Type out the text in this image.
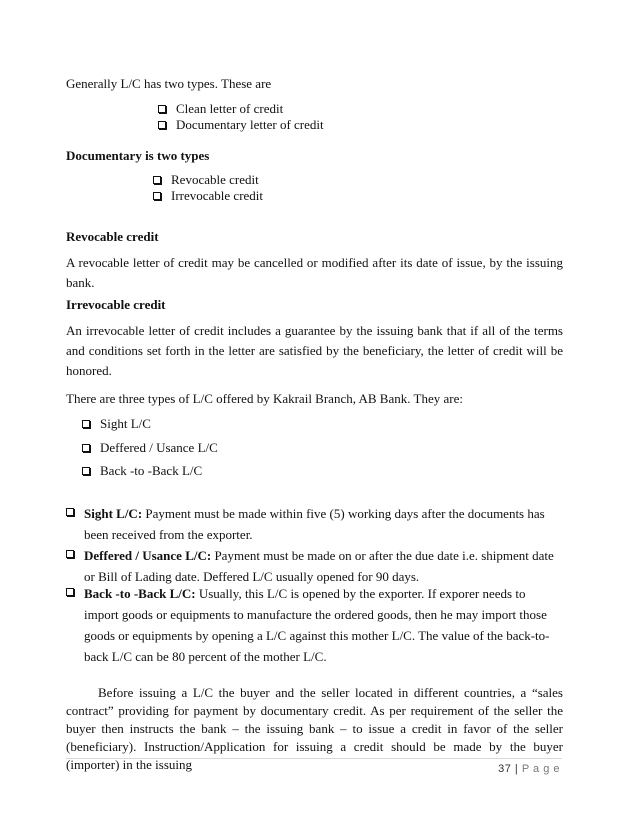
Generally L/C has two types. These are
Clean letter of credit
Documentary letter of credit
Documentary is two types
Revocable credit
Irrevocable credit
Revocable credit
A revocable letter of credit may be cancelled or modified after its date of issue, by the issuing bank.
Irrevocable credit
An irrevocable letter of credit includes a guarantee by the issuing bank that if all of the terms and conditions set forth in the letter are satisfied by the beneficiary, the letter of credit will be honored.
There are three types of L/C offered by Kakrail Branch, AB Bank. They are:
Sight L/C
Deffered / Usance L/C
Back -to -Back L/C
Sight L/C: Payment must be made within five (5) working days after the documents has been received from the exporter.
Deffered / Usance L/C: Payment must be made on or after the due date i.e. shipment date or Bill of Lading date. Deffered L/C usually opened for 90 days.
Back -to -Back L/C: Usually, this L/C is opened by the exporter. If exporer needs to import goods or equipments to manufacture the ordered goods, then he may import those goods or equipments by opening a L/C against this mother L/C. The value of the back-to-back L/C can be 80 percent of the mother L/C.
Before issuing a L/C the buyer and the seller located in different countries, a “sales contract” providing for payment by documentary credit. As per requirement of the seller the buyer then instructs the bank – the issuing bank – to issue a credit in favor of the seller (beneficiary). Instruction/Application for issuing a credit should be made by the buyer (importer) in the issuing	37 | P a g e
